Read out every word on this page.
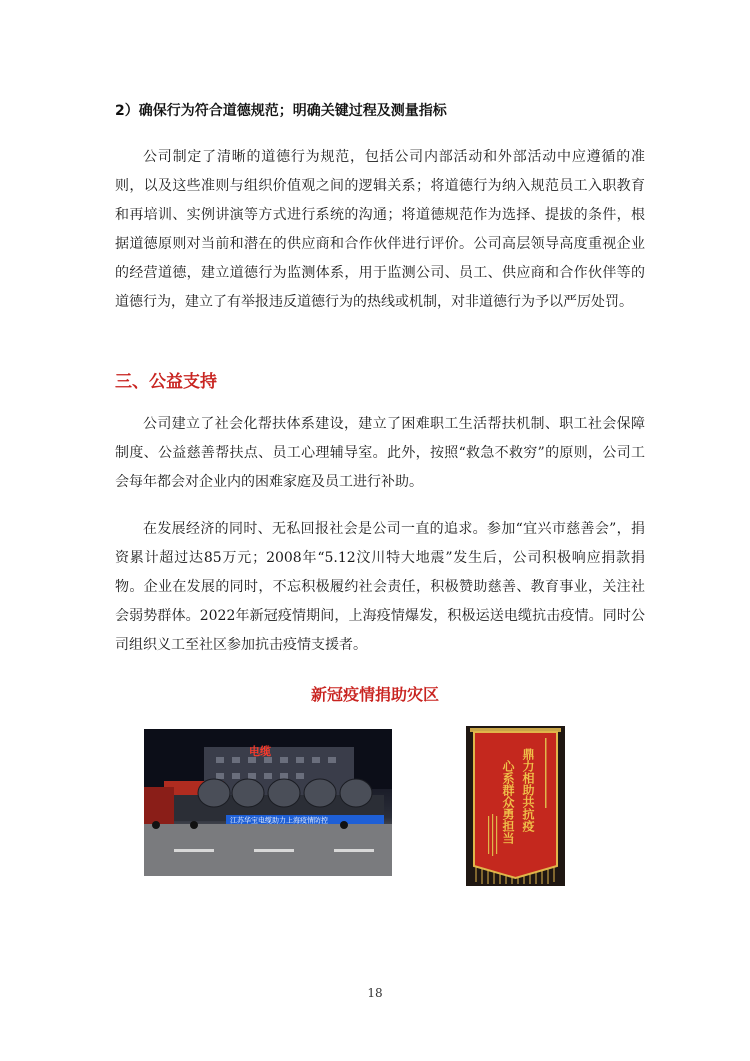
2）确保行为符合道德规范；明确关键过程及测量指标

公司制定了清晰的道德行为规范，包括公司内部活动和外部活动中应遵循的准则，以及这些准则与组织价值观之间的逻辑关系；将道德行为纳入规范员工入职教育和再培训、实例讲演等方式进行系统的沟通；将道德规范作为选择、提拔的条件，根据道德原则对当前和潜在的供应商和合作伙伴进行评价。公司高层领导高度重视企业的经营道德，建立道德行为监测体系，用于监测公司、员工、供应商和合作伙伴等的道德行为，建立了有举报违反道德行为的热线或机制，对非道德行为予以严厉处罚。

三、公益支持

公司建立了社会化帮扶体系建设，建立了困难职工生活帮扶机制、职工社会保障制度、公益慈善帮扶点、员工心理辅导室。此外，按照“救急不救穷”的原则，公司工会每年都会对企业内的困难家庭及员工进行补助。

在发展经济的同时、无私回报社会是公司一直的追求。参加“宜兴市慈善会”，捐资累计超过达85万元；2008年“5.12汶川特大地震”发生后，公司积极响应捐款捐物。企业在发展的同时，不忘积极履约社会责任，积极赞助慈善、教育事业，关注社会弱势群体。2022年新冠疫情期间，上海疫情爆发，积极运送电缆抗击疫情。同时公司组织义工至社区参加抗击疫情支援者。

新冠疫情捐助灾区
电缆
江苏华宝电缆助力上海疫情防控	鼎力相助共抗疫
心系群众勇担当
18
